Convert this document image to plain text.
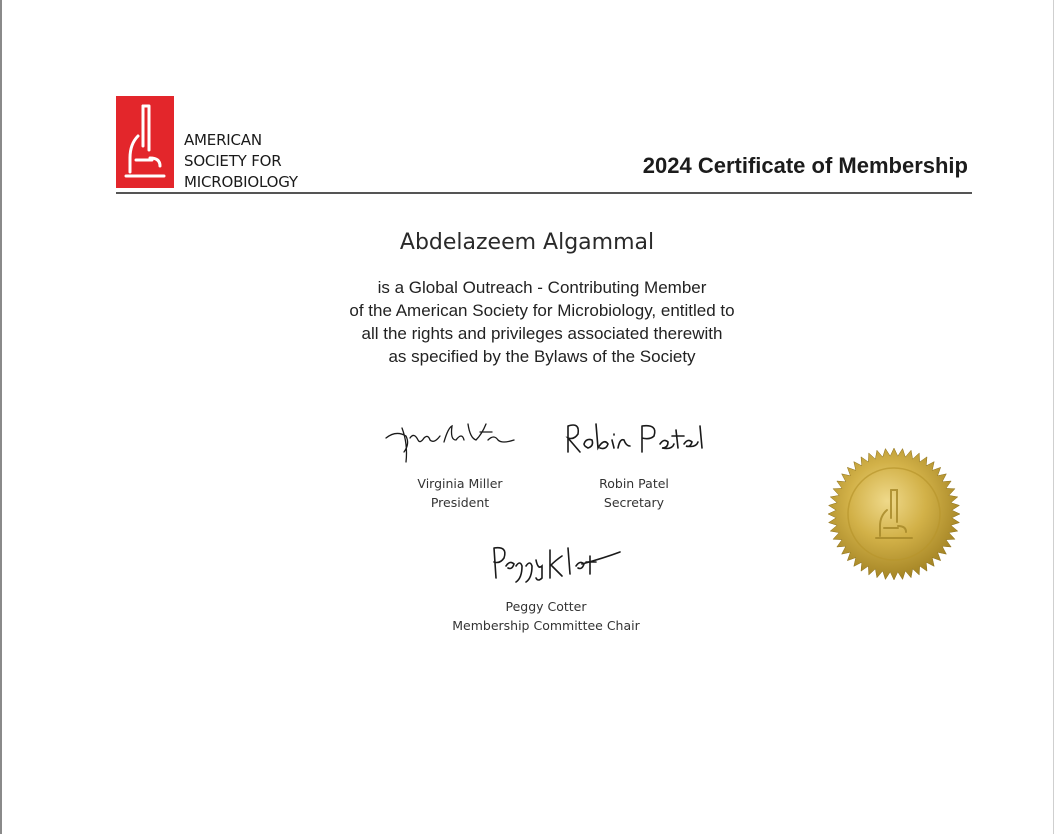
AMERICAN
SOCIETY FOR
MICROBIOLOGY
2024 Certificate of Membership
Abdelazeem Algammal
is a Global Outreach - Contributing Member
of the American Society for Microbiology, entitled to
all the rights and privileges associated therewith
as specified by the Bylaws of the Society
Virginia Miller
President
Robin Patel
Secretary
Peggy Cotter
Membership Committee Chair
